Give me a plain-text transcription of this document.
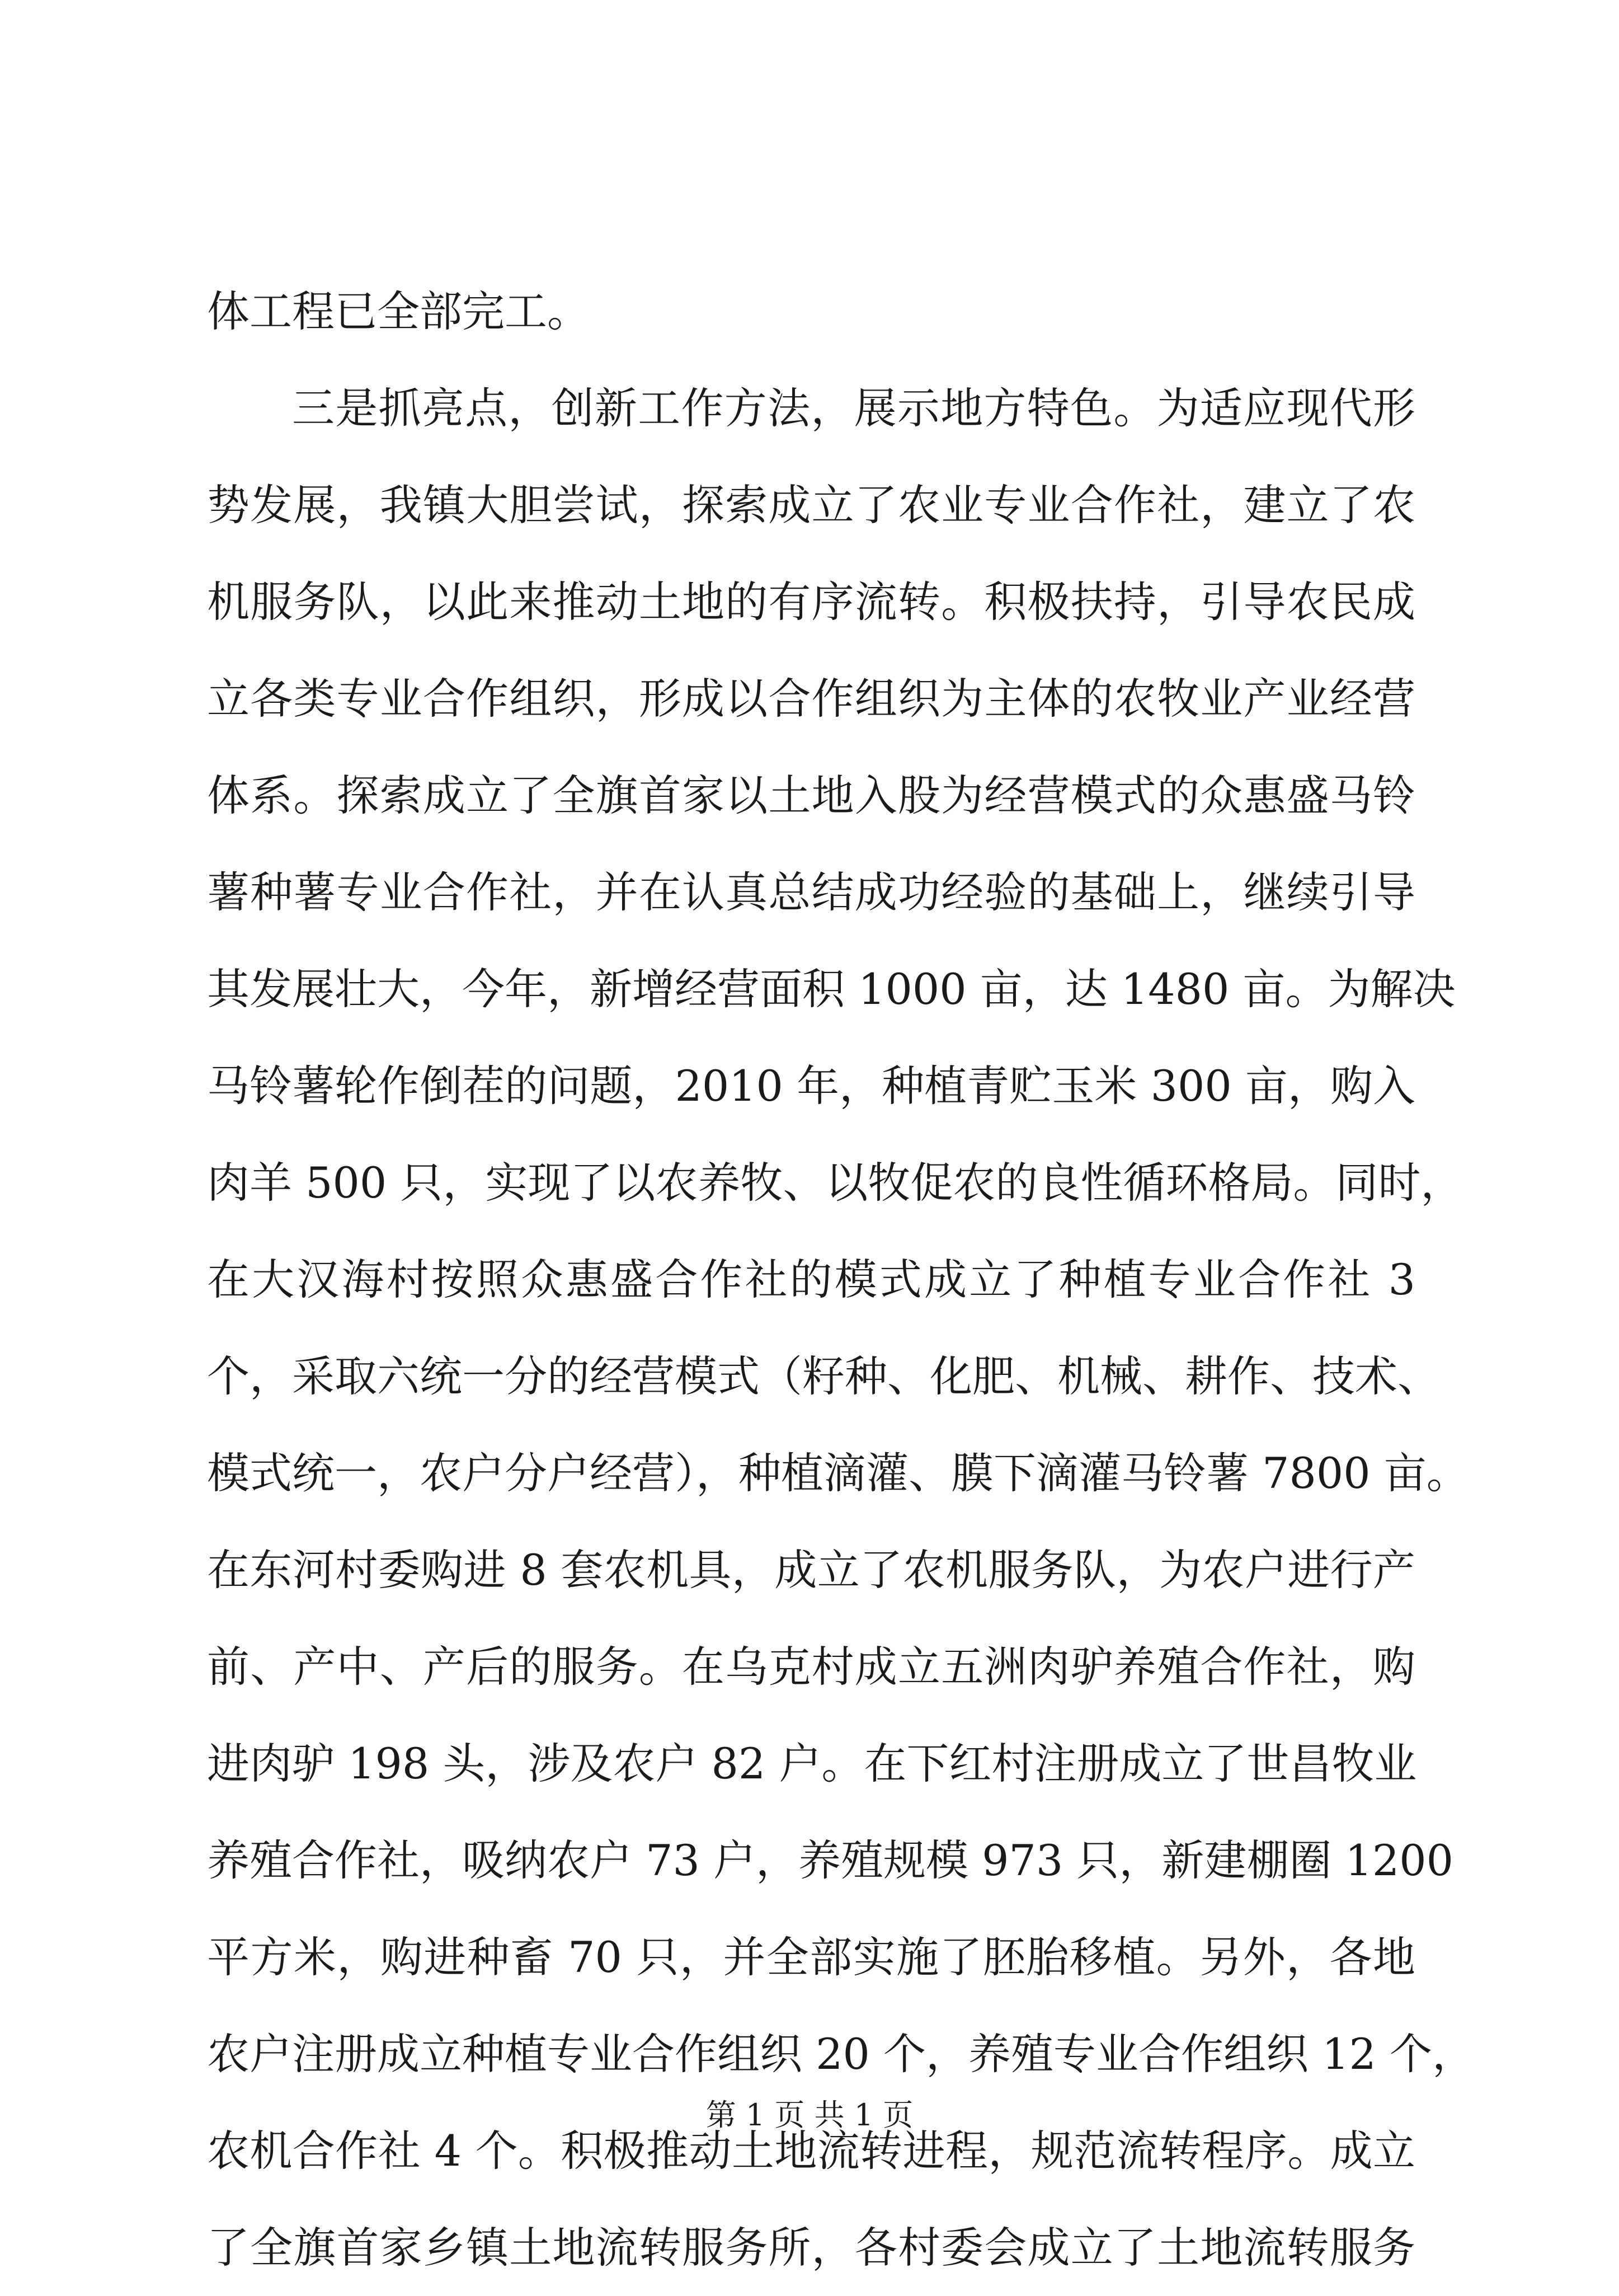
体工程已全部完工。
三是抓亮点，创新工作方法，展示地方特色。为适应现代形
势发展，我镇大胆尝试，探索成立了农业专业合作社，建立了农
机服务队，以此来推动土地的有序流转。积极扶持，引导农民成
立各类专业合作组织，形成以合作组织为主体的农牧业产业经营
体系。探索成立了全旗首家以土地入股为经营模式的众惠盛马铃
薯种薯专业合作社，并在认真总结成功经验的基础上，继续引导
其发展壮大，今年，新增经营面积 1000 亩，达 1480 亩。为解决
马铃薯轮作倒茬的问题，2010 年，种植青贮玉米 300 亩，购入
肉羊 500 只，实现了以农养牧、以牧促农的良性循环格局。同时，
在大汉海村按照众惠盛合作社的模式成立了种植专业合作社 3
个，采取六统一分的经营模式（籽种、化肥、机械、耕作、技术、
模式统一，农户分户经营），种植滴灌、膜下滴灌马铃薯 7800 亩。
在东河村委购进 8 套农机具，成立了农机服务队，为农户进行产
前、产中、产后的服务。在乌克村成立五洲肉驴养殖合作社，购
进肉驴 198 头，涉及农户 82 户。在下红村注册成立了世昌牧业
养殖合作社，吸纳农户 73 户，养殖规模 973 只，新建棚圈 1200
平方米，购进种畜 70 只，并全部实施了胚胎移植。另外，各地
农户注册成立种植专业合作组织 20 个，养殖专业合作组织 12 个，
农机合作社 4 个。积极推动土地流转进程，规范流转程序。成立
了全旗首家乡镇土地流转服务所，各村委会成立了土地流转服务
第 1 页 共 1 页
